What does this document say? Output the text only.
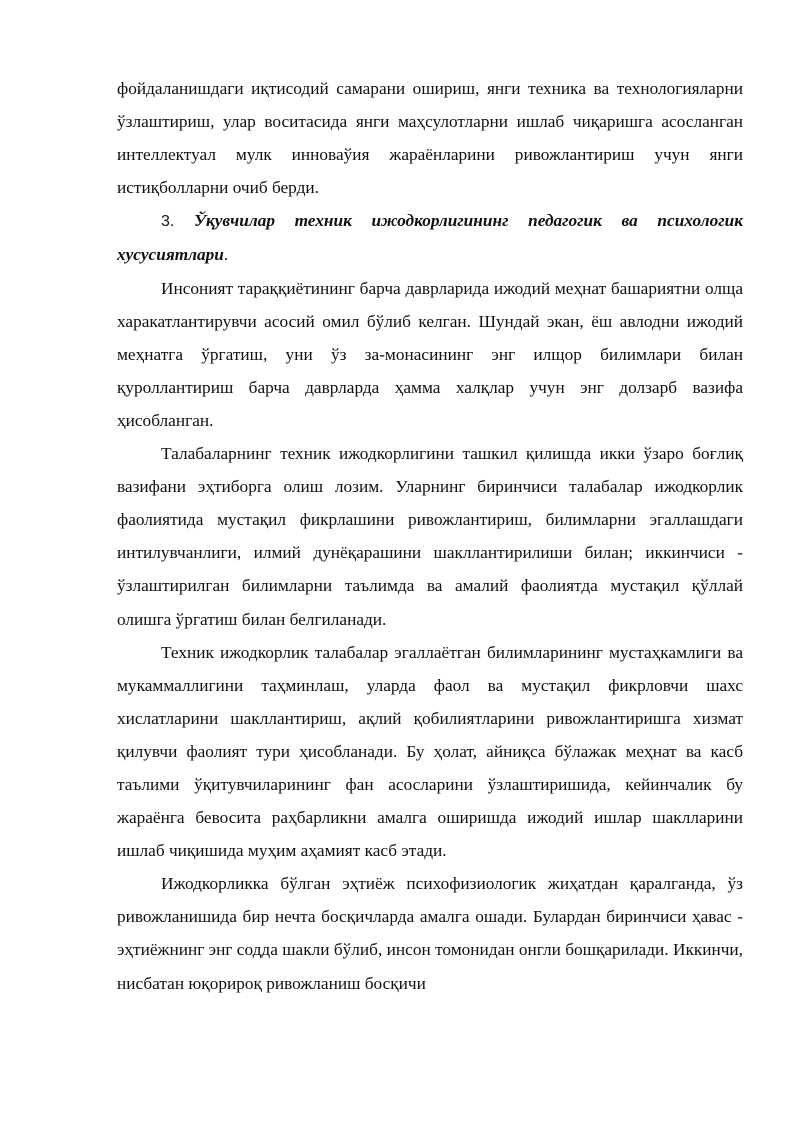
фойдаланишдаги иқтисодий самарани ошириш, янги техника ва технологияларни ўзлаштириш, улар воситасида янги маҳсулотларни ишлаб чиқаришга асосланган интеллектуал мулк инноваўия жараёнларини ривожлантириш учун янги истиқболларни очиб берди.

3. Ўқувчилар техник ижодкорлигининг педагогик ва психологик хусусиятлари.

Инсоният тараққиётининг барча даврларида ижодий меҳнат башариятни олща харакатлантирувчи асосий омил бўлиб келган. Шундай экан, ёш авлодни ижодий меҳнатга ўргатиш, уни ўз за-монасининг энг илщор билимлари билан қуроллантириш барча даврларда ҳамма халқлар учун энг долзарб вазифа ҳисобланган.

Талабаларнинг техник ижодкорлигини ташкил қилишда икки ўзаро боғлиқ вазифани эҳтиборга олиш лозим. Уларнинг биринчиси талабалар ижодкорлик фаолиятида мустақил фикрлашини ривожлантириш, билимларни эгаллашдаги интилувчанлиги, илмий дунёқарашини шакллантирилиши билан; иккинчиси - ўзлаштирилган билимларни таълимда ва амалий фаолиятда мустақил қўллай олишга ўргатиш билан белгиланади.

Техник ижодкорлик талабалар эгаллаётган билимларининг мустаҳкамлиги ва мукаммаллигини таҳминлаш, уларда фаол ва мустақил фикрловчи шахс хислатларини шакллантириш, ақлий қобилиятларини ривожлантиришга хизмат қилувчи фаолият тури ҳисобланади. Бу ҳолат, айниқса бўлажак меҳнат ва касб таълими ўқитувчиларининг фан асосларини ўзлаштиришида, кейинчалик бу жараёнга бевосита раҳбарликни амалга оширишда ижодий ишлар шаклларини ишлаб чиқишида муҳим аҳамият касб этади.

Ижодкорликка бўлган эҳтиёж психофизиологик жиҳатдан қаралганда, ўз ривожланишида бир нечта босқичларда амалга ошади. Булардан биринчиси ҳавас - эҳтиёжнинг энг содда шакли бўлиб, инсон томонидан онгли бошқарилади. Иккинчи, нисбатан юқорироқ ривожланиш босқичи
